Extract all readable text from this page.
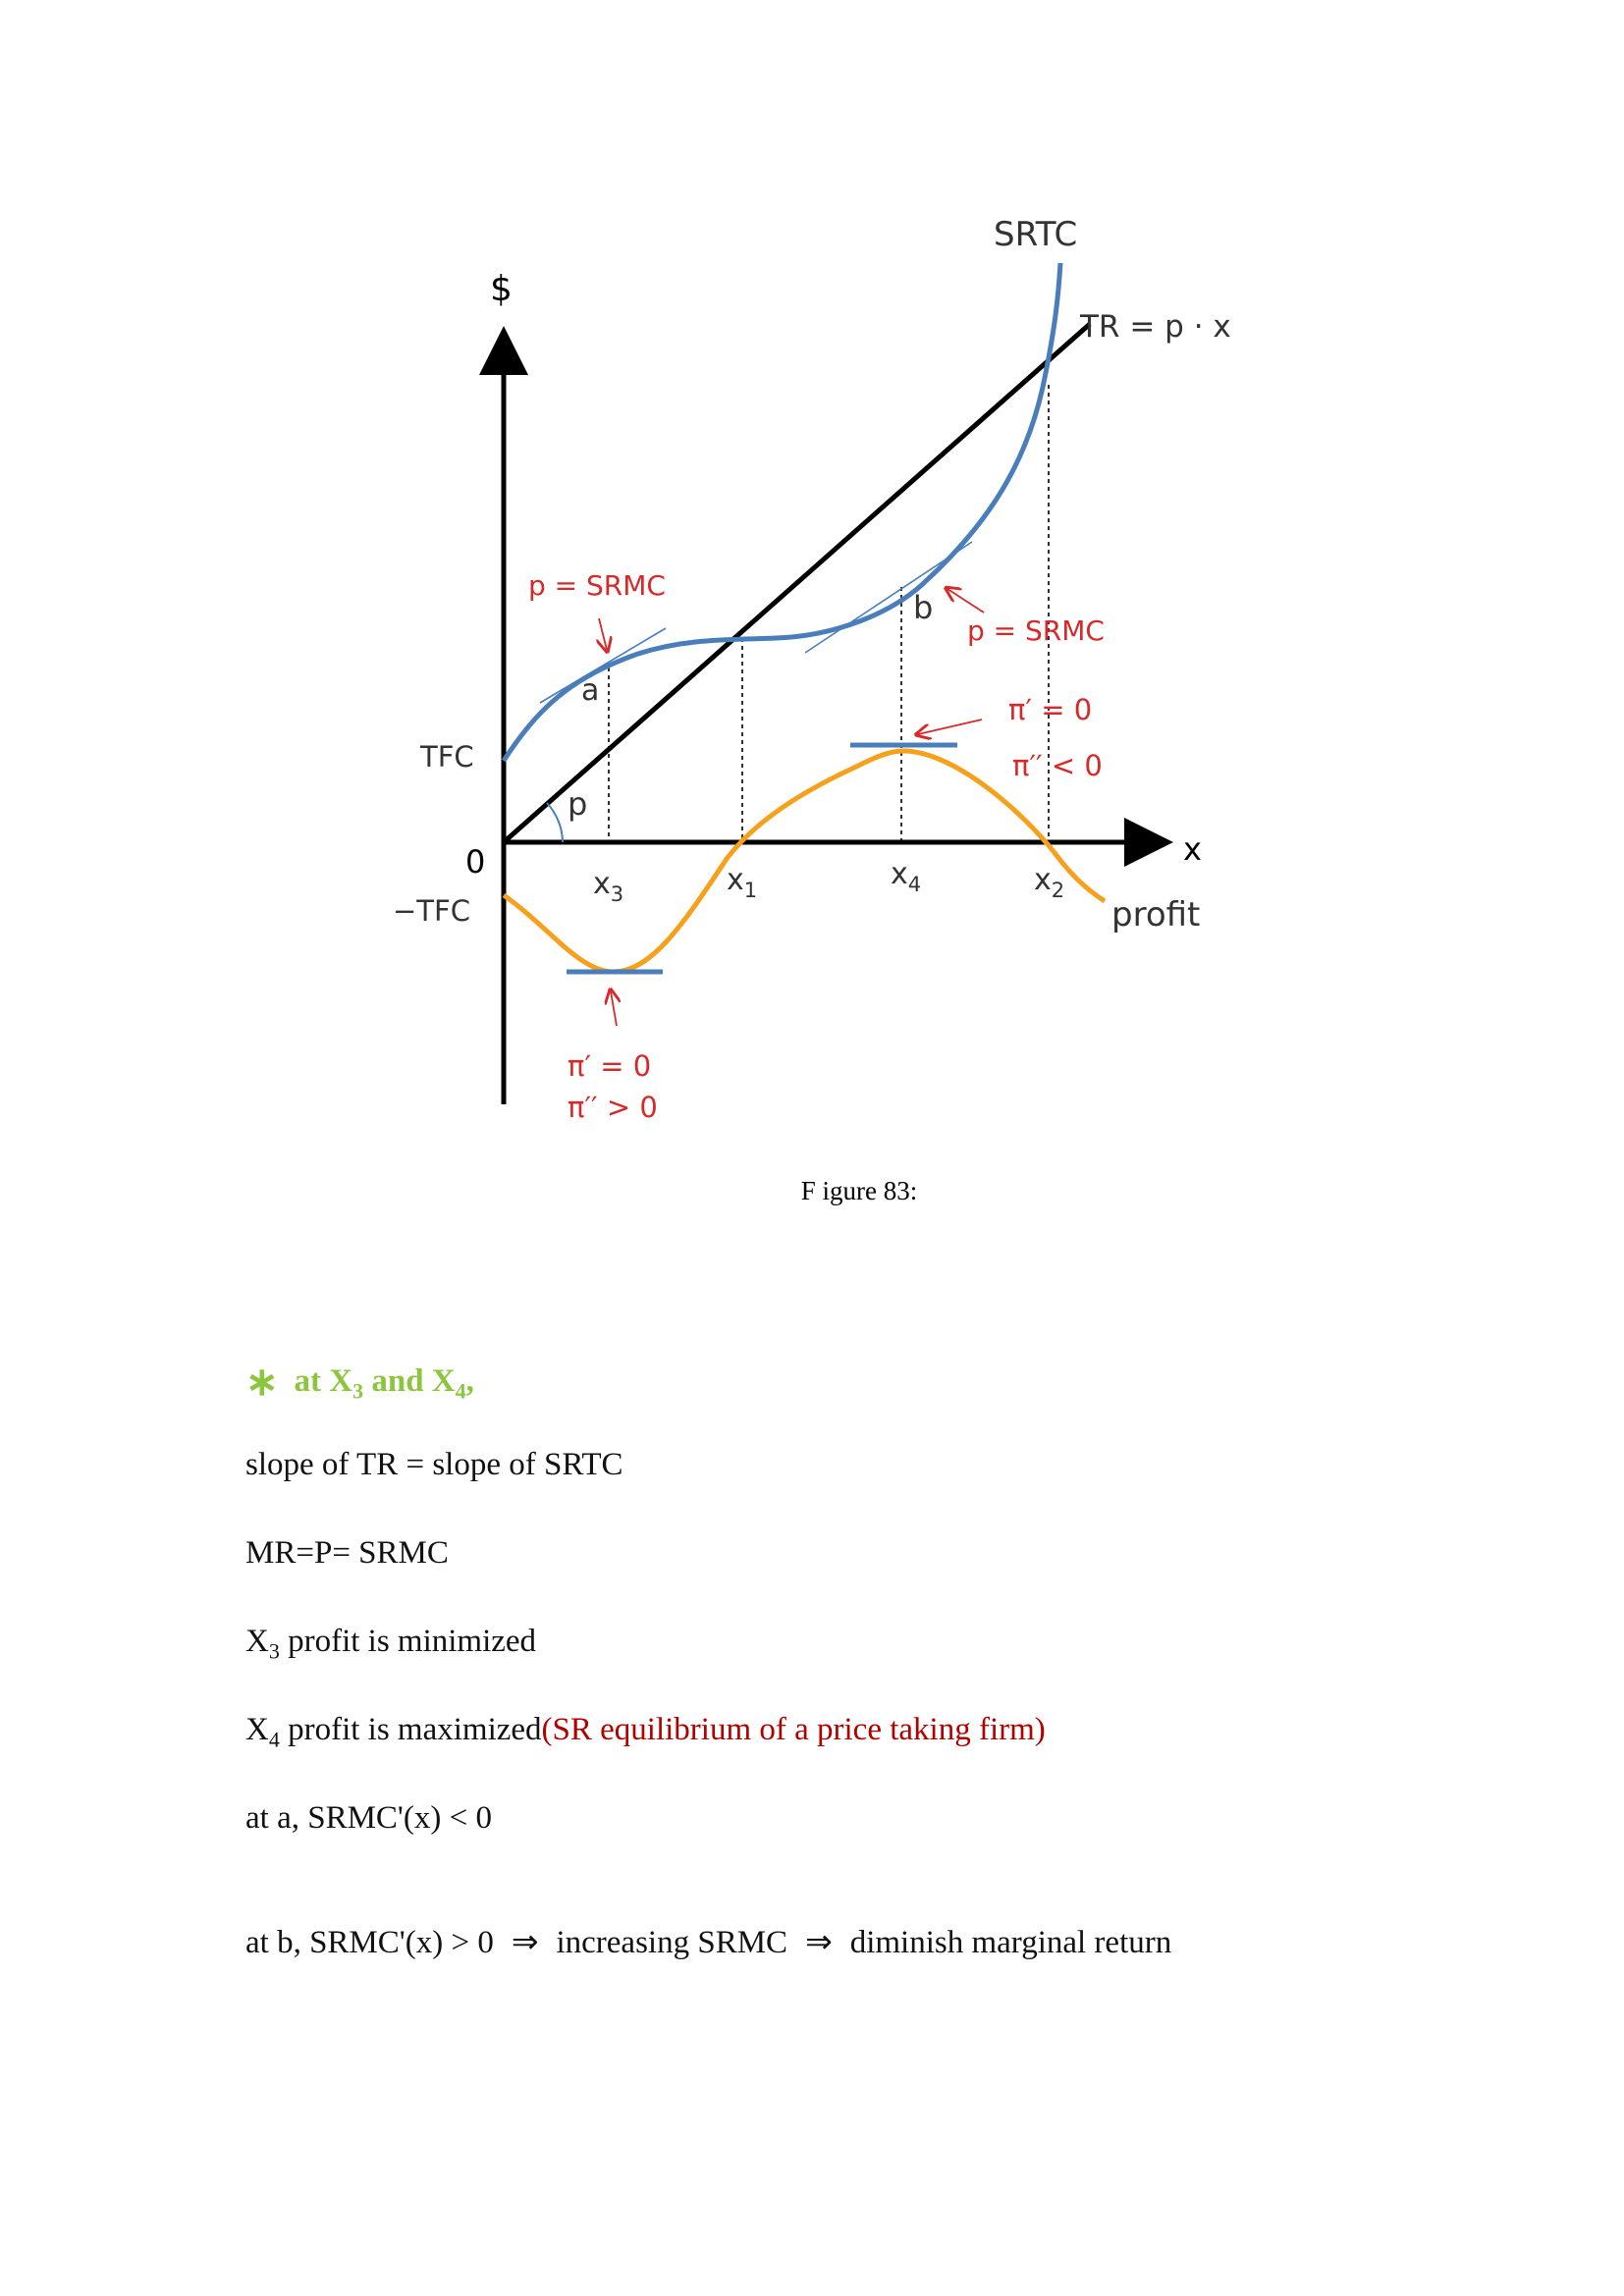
$
x
0
SRTC
TR = p · x
profit
TFC
−TFC
$x_3$	$x_1$	$x_4$	$x_2$
a
b
p
p = SRMC
p = SRMC
π′ = 0
π′′ < 0
π′ = 0
π′′ > 0
F igure 83:
∗ at $X_3$ and $X_4$,
slope of TR = slope of SRTC
MR=P= SRMC
$X_3$ profit is minimized
$X_4$ profit is maximized(SR equilibrium of a price taking firm)
at a, SRMC'(x) < 0
at b, SRMC'(x) > 0 ⇒ increasing SRMC ⇒ diminish marginal return
